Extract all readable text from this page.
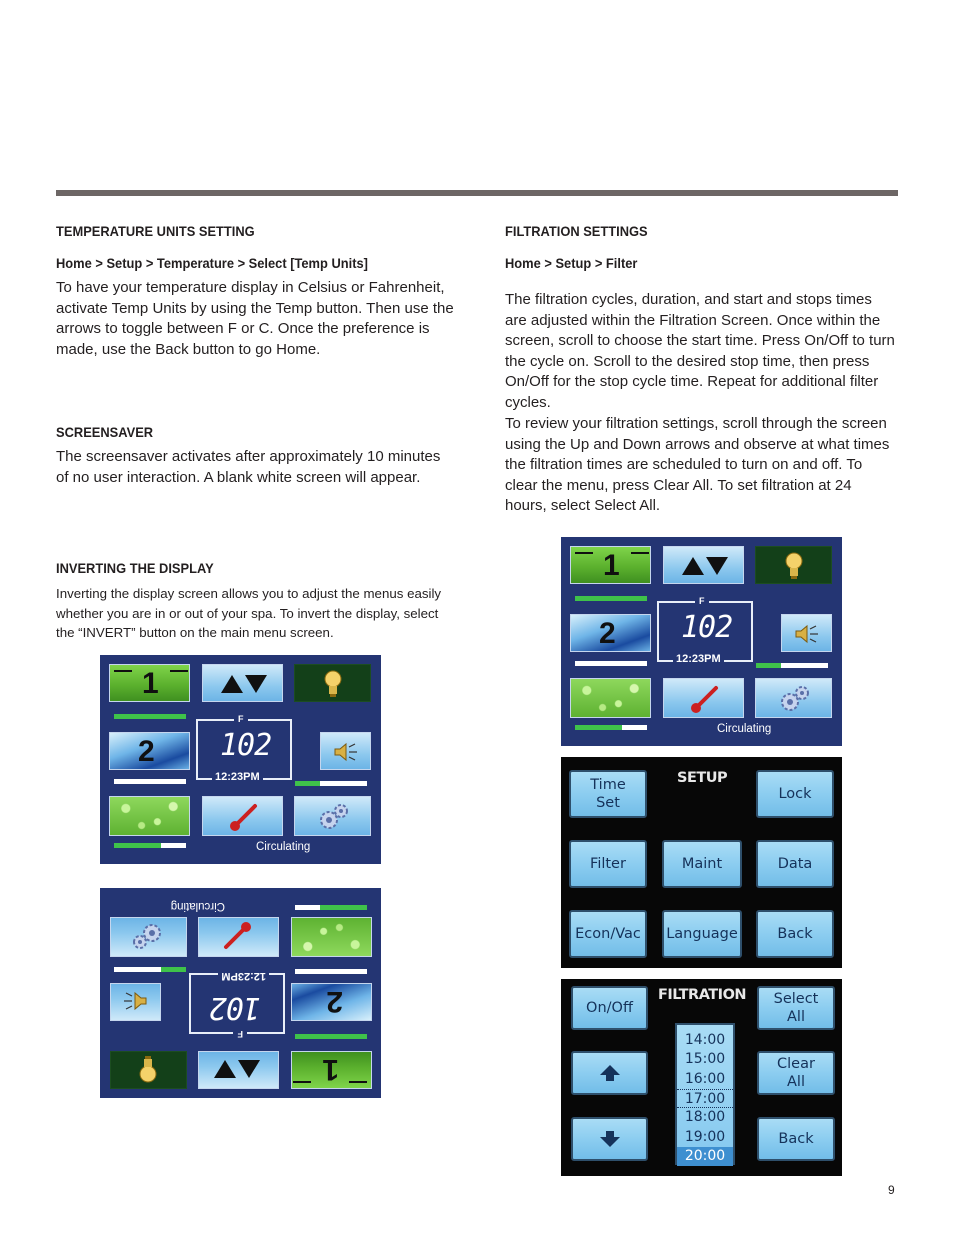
TEMPERATURE UNITS SETTING
Home > Setup > Temperature > Select [Temp Units]
To have your temperature display in Celsius or Fahrenheit, activate Temp Units by using the Temp button. Then use the arrows to toggle between F or C. Once the preference is made, use the Back button to go Home.
SCREENSAVER
The screensaver activates after approximately 10 minutes of no user interaction. A blank white screen will appear.
INVERTING THE DISPLAY
Inverting the display screen allows you to adjust the menus easily whether you are in or out of your spa. To invert the display, select the “INVERT” button on the main menu screen.
FILTRATION SETTINGS
Home > Setup > Filter
The filtration cycles, duration, and start and stops times are adjusted within the Filtration Screen. Once within the screen, scroll to choose the start time. Press On/Off to turn the cycle on. Scroll to the desired stop time, then press On/Off for the stop cycle time. Repeat for additional filter cycles.
To review your filtration settings, scroll through the screen using the Up and Down arrows and observe at what times the filtration times are scheduled to turn on and off. To clear the menu, press Clear All. To set filtration at 24 hours, select Select All.
1
2
F
102
12:23PM
Circulating
1
2
F
102
12:23PM
Circulating
1
2
F
102
12:23PM
Circulating
Time
Set
SETUP
Lock
Filter	Maint	Data
Econ/Vac	Language	Back
On/Off
FILTRATION	Select
All
Clear
All
Back
14:00
15:00
16:00
17:00
18:00
19:00
20:00
9
